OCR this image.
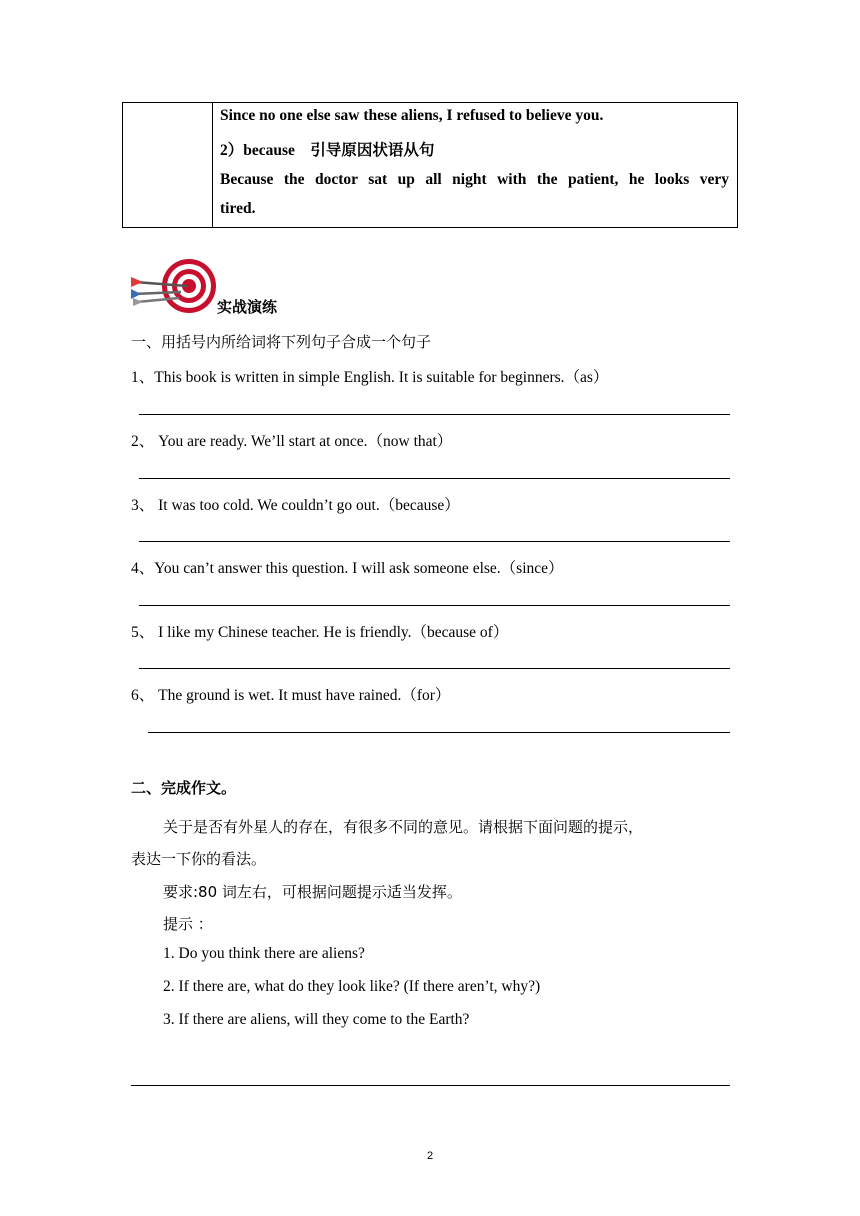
Since no one else saw these aliens, I refused to believe you.
2）because　引导原因状语从句
Because the doctor sat up all night with the patient, he looks very
tired.
实战演练
一、用括号内所给词将下列句子合成一个句子
1、This book is written in simple English. It is suitable for beginners.（as）
2、 You are ready. We’ll start at once.（now that）
3、 It was too cold. We couldn’t go out.（because）
4、You can’t answer this question. I will ask someone else.（since）
5、 I like my Chinese teacher. He is friendly.（because of）
6、 The ground is wet. It must have rained.（for）
二、完成作文。
关于是否有外星人的存在，有很多不同的意见。请根据下面问题的提示，
表达一下你的看法。
要求:80 词左右，可根据问题提示适当发挥。
提示 ：
1. Do you think there are aliens?
2. If there are, what do they look like? (If there aren’t, why?)
3. If there are aliens, will they come to the Earth?
2
